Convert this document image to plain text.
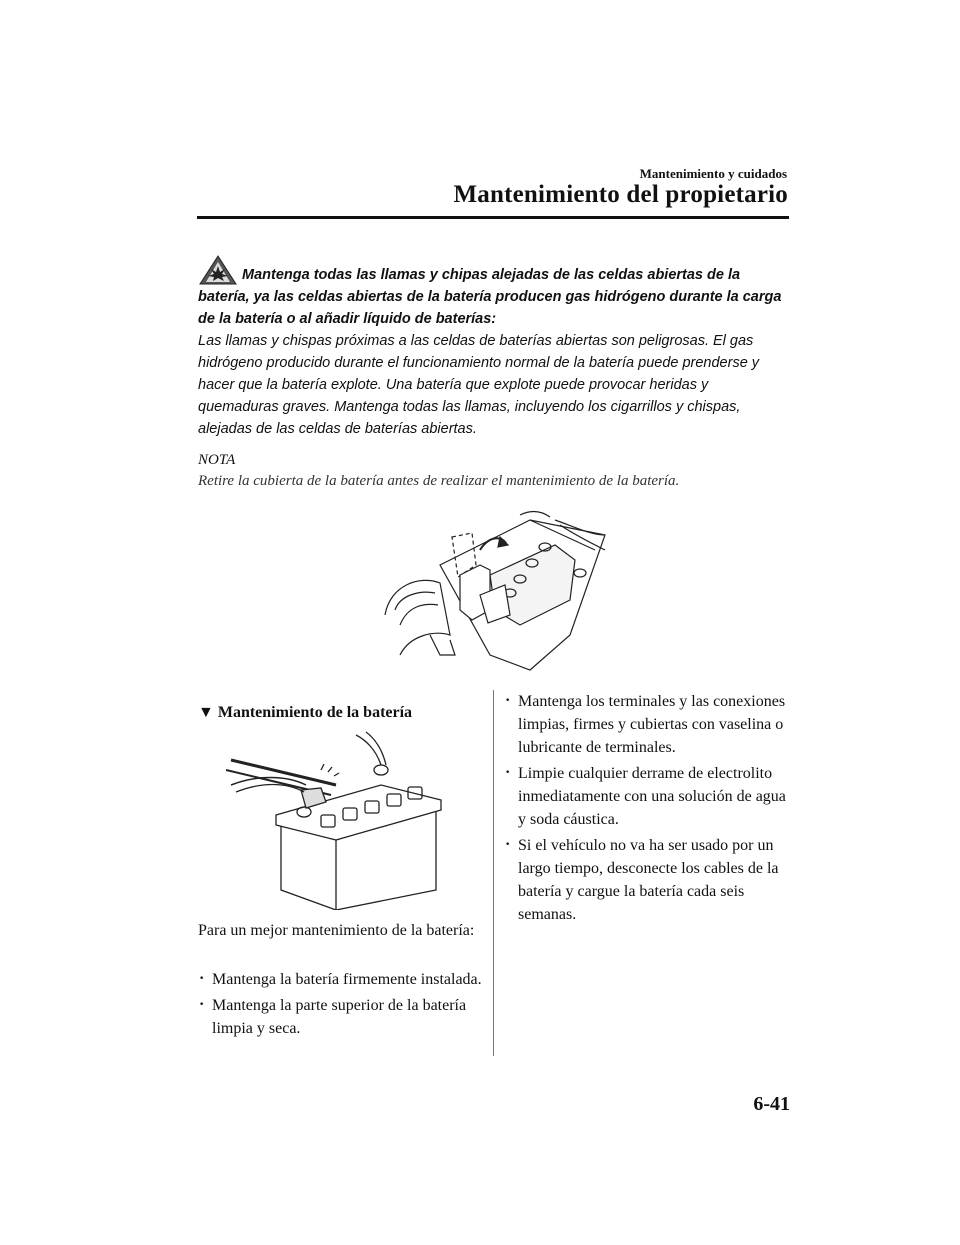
Mantenimiento y cuidados
Mantenimiento del propietario
Mantenga todas las llamas y chipas alejadas de las celdas abiertas de la batería, ya las celdas abiertas de la batería producen gas hidrógeno durante la carga de la batería o al añadir líquido de baterías:
Las llamas y chispas próximas a las celdas de baterías abiertas son peligrosas. El gas hidrógeno producido durante el funcionamiento normal de la batería puede prenderse y hacer que la batería explote. Una batería que explote puede provocar heridas y quemaduras graves. Mantenga todas las llamas, incluyendo los cigarrillos y chispas, alejadas de las celdas de baterías abiertas.
NOTA
Retire la cubierta de la batería antes de realizar el mantenimiento de la batería.
▼ Mantenimiento de la batería
Para un mejor mantenimiento de la batería:
· Mantenga la batería firmemente instalada.
· Mantenga la parte superior de la batería limpia y seca.
· Mantenga los terminales y las conexiones limpias, firmes y cubiertas con vaselina o lubricante de terminales.
· Limpie cualquier derrame de electrolito inmediatamente con una solución de agua y soda cáustica.
· Si el vehículo no va ha ser usado por un largo tiempo, desconecte los cables de la batería y cargue la batería cada seis semanas.
6-41
